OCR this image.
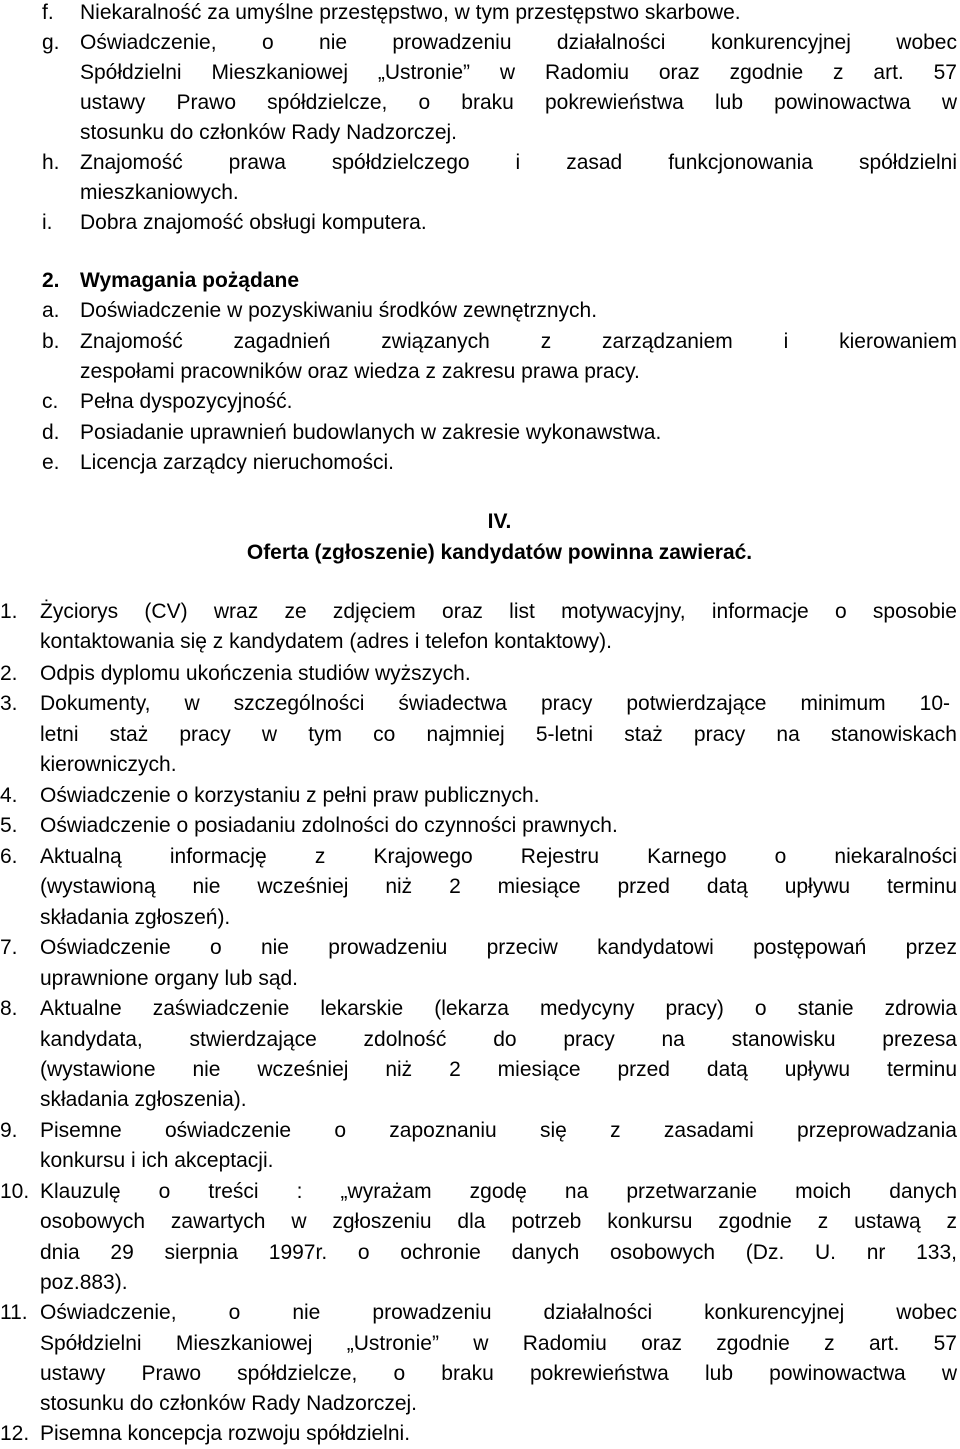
f. Niekaralność za umyślne przestępstwo, w tym przestępstwo skarbowe.
g. Oświadczenie, o nie prowadzeniu działalności konkurencyjnej wobec
Spółdzielni Mieszkaniowej „Ustronie” w Radomiu oraz zgodnie z art. 57
ustawy Prawo spółdzielcze, o braku pokrewieństwa lub powinowactwa w
stosunku do członków Rady Nadzorczej.
h. Znajomość prawa spółdzielczego i zasad funkcjonowania spółdzielni
mieszkaniowych.
i. Dobra znajomość obsługi komputera.
2. Wymagania pożądane
a. Doświadczenie w pozyskiwaniu środków zewnętrznych.
b. Znajomość zagadnień związanych z zarządzaniem i kierowaniem
zespołami pracowników oraz wiedza z zakresu prawa pracy.
c. Pełna dyspozycyjność.
d. Posiadanie uprawnień budowlanych w zakresie wykonawstwa.
e. Licencja zarządcy nieruchomości.
IV.
Oferta (zgłoszenie) kandydatów powinna zawierać.
1. Życiorys (CV) wraz ze zdjęciem oraz list motywacyjny, informacje o sposobie
kontaktowania się z kandydatem (adres i telefon kontaktowy).
2. Odpis dyplomu ukończenia studiów wyższych.
3. Dokumenty, w szczególności świadectwa pracy potwierdzające minimum 10-
letni staż pracy w tym co najmniej 5-letni staż pracy na stanowiskach
kierowniczych.
4. Oświadczenie o korzystaniu z pełni praw publicznych.
5. Oświadczenie o posiadaniu zdolności do czynności prawnych.
6. Aktualną informację z Krajowego Rejestru Karnego o niekaralności
(wystawioną nie wcześniej niż 2 miesiące przed datą upływu terminu
składania zgłoszeń).
7. Oświadczenie o nie prowadzeniu przeciw kandydatowi postępowań przez
uprawnione organy lub sąd.
8. Aktualne zaświadczenie lekarskie (lekarza medycyny pracy) o stanie zdrowia
kandydata, stwierdzające zdolność do pracy na stanowisku prezesa
(wystawione nie wcześniej niż 2 miesiące przed datą upływu terminu
składania zgłoszenia).
9. Pisemne oświadczenie o zapoznaniu się z zasadami przeprowadzania
konkursu i ich akceptacji.
10. Klauzulę o treści : „wyrażam zgodę na przetwarzanie moich danych
osobowych zawartych w zgłoszeniu dla potrzeb konkursu zgodnie z ustawą z
dnia 29 sierpnia 1997r. o ochronie danych osobowych (Dz. U. nr 133,
poz.883).
11. Oświadczenie, o nie prowadzeniu działalności konkurencyjnej wobec
Spółdzielni Mieszkaniowej „Ustronie” w Radomiu oraz zgodnie z art. 57
ustawy Prawo spółdzielcze, o braku pokrewieństwa lub powinowactwa w
stosunku do członków Rady Nadzorczej.
12. Pisemna koncepcja rozwoju spółdzielni.
